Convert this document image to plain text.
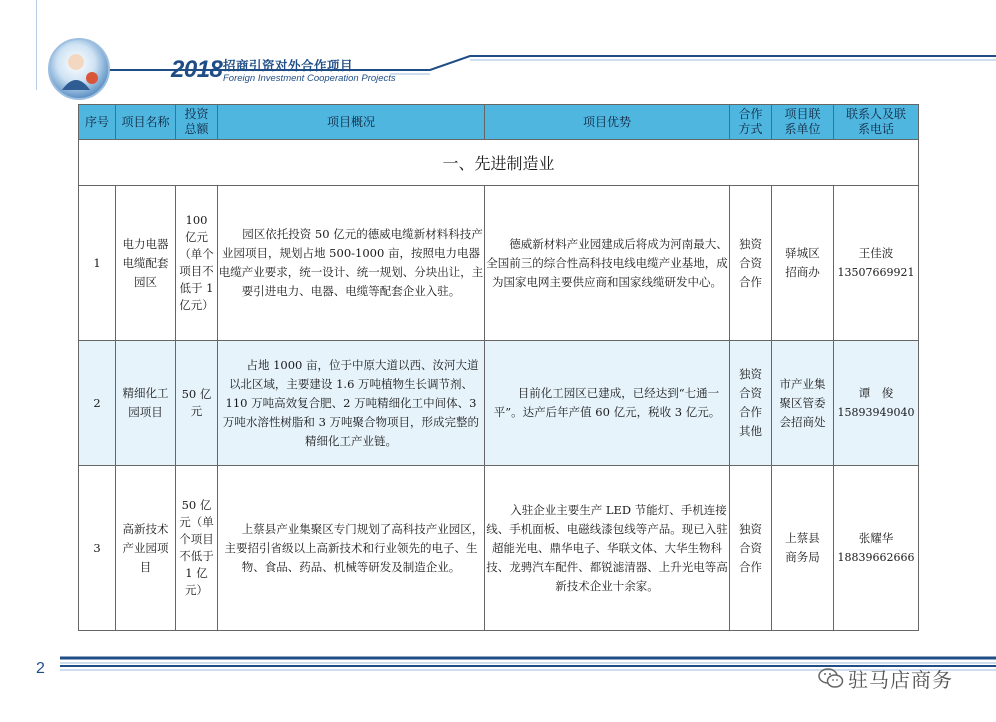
2018 招商引资对外合作项目
Foreign Investment Cooperation Projects
序号	项目名称	投资总额	项目概况	项目优势	合作方式	项目联系单位	联系人及联系电话
一、先进制造业							
1	电力电器电缆配套园区	100 亿元（单个项目不低于 1 亿元）	园区依托投资 50 亿元的德威电缆新材料科技产业园项目，规划占地 500-1000 亩，按照电力电器电缆产业要求，统一设计、统一规划、分块出让，主要引进电力、电器、电缆等配套企业入驻。	德威新材料产业园建成后将成为河南最大、全国前三的综合性高科技电线电缆产业基地，成为国家电网主要供应商和国家线缆研发中心。	独资合资合作	驿城区招商办	王佳波
13507669921

2	精细化工园项目	50 亿元	占地 1000 亩，位于中原大道以西、汝河大道以北区域，主要建设 1.6 万吨植物生长调节剂、110 万吨高效复合肥、2 万吨精细化工中间体、3 万吨水溶性树脂和 3 万吨聚合物项目，形成完整的精细化工产业链。	目前化工园区已建成，已经达到“七通一平”。达产后年产值 60 亿元，税收 3 亿元。	独资合资合作其他	市产业集聚区管委会招商处	谭　俊
15893949040

3	高新技术产业园项目	50 亿元（单个项目不低于 1 亿元）	上蔡县产业集聚区专门规划了高科技产业园区，主要招引省级以上高新技术和行业领先的电子、生物、食品、药品、机械等研发及制造企业。	入驻企业主要生产 LED 节能灯、手机连接线、手机面板、电磁线漆包线等产品。现已入驻超能光电、鼎华电子、华联文体、大华生物科技、龙骋汽车配件、都锐滤清器、上升光电等高新技术企业十余家。	独资合资合作	上蔡县商务局	张耀华
18839662666
2	驻马店商务
